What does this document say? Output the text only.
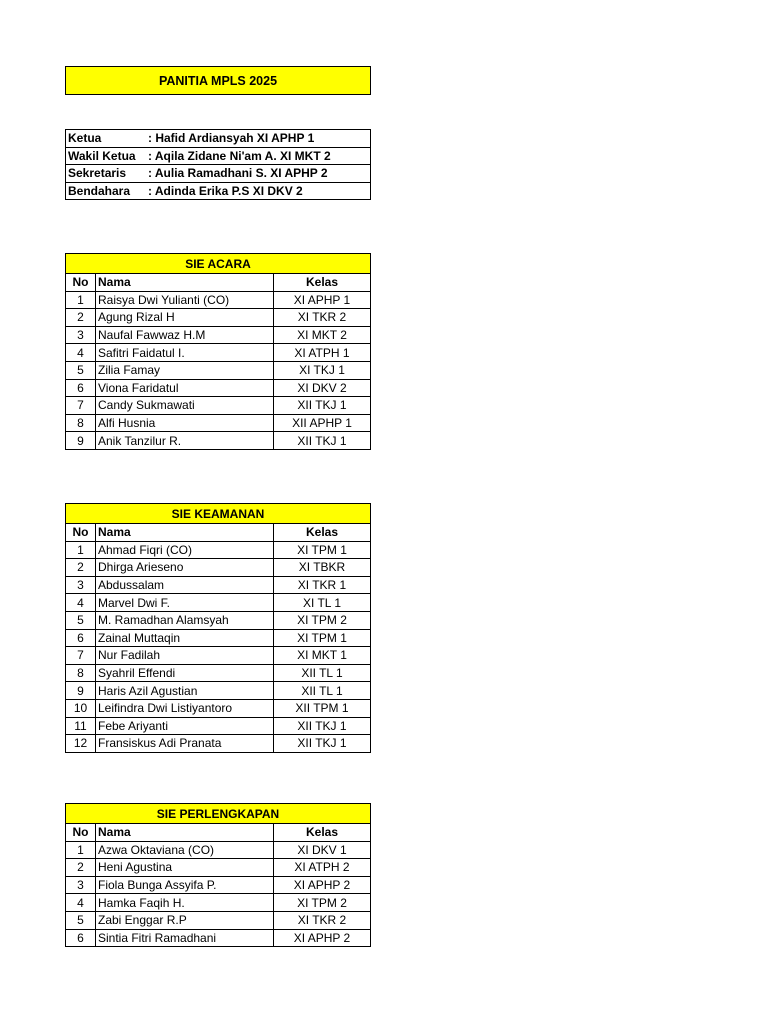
PANITIA MPLS 2025
Ketua	: Hafid Ardiansyah XI APHP 1
Wakil Ketua	: Aqila Zidane Ni'am A. XI MKT 2
Sekretaris	: Aulia Ramadhani S. XI APHP 2
Bendahara	: Adinda Erika P.S XI DKV 2
SIE ACARA		
No	Nama	Kelas
1	Raisya Dwi Yulianti (CO)	XI APHP 1
2	Agung Rizal H	XI TKR 2
3	Naufal Fawwaz H.M	XI MKT 2
4	Safitri Faidatul I.	XI ATPH 1
5	Zilia Famay	XI TKJ 1
6	Viona Faridatul	XI DKV 2
7	Candy Sukmawati	XII TKJ 1
8	Alfi Husnia	XII APHP 1
9	Anik Tanzilur R.	XII TKJ 1
SIE KEAMANAN		
No	Nama	Kelas
1	Ahmad Fiqri (CO)	XI TPM 1
2	Dhirga Arieseno	XI TBKR
3	Abdussalam	XI TKR 1
4	Marvel Dwi F.	XI TL 1
5	M. Ramadhan Alamsyah	XI TPM 2
6	Zainal Muttaqin	XI TPM 1
7	Nur Fadilah	XI MKT 1
8	Syahril Effendi	XII TL 1
9	Haris Azil Agustian	XII TL 1
10	Leifindra Dwi Listiyantoro	XII TPM 1
11	Febe Ariyanti	XII TKJ 1
12	Fransiskus Adi Pranata	XII TKJ 1
SIE PERLENGKAPAN		
No	Nama	Kelas
1	Azwa Oktaviana (CO)	XI DKV 1
2	Heni Agustina	XI ATPH 2
3	Fiola Bunga Assyifa P.	XI APHP 2
4	Hamka Faqih H.	XI TPM 2
5	Zabi Enggar R.P	XI TKR 2
6	Sintia Fitri Ramadhani	XI APHP 2
